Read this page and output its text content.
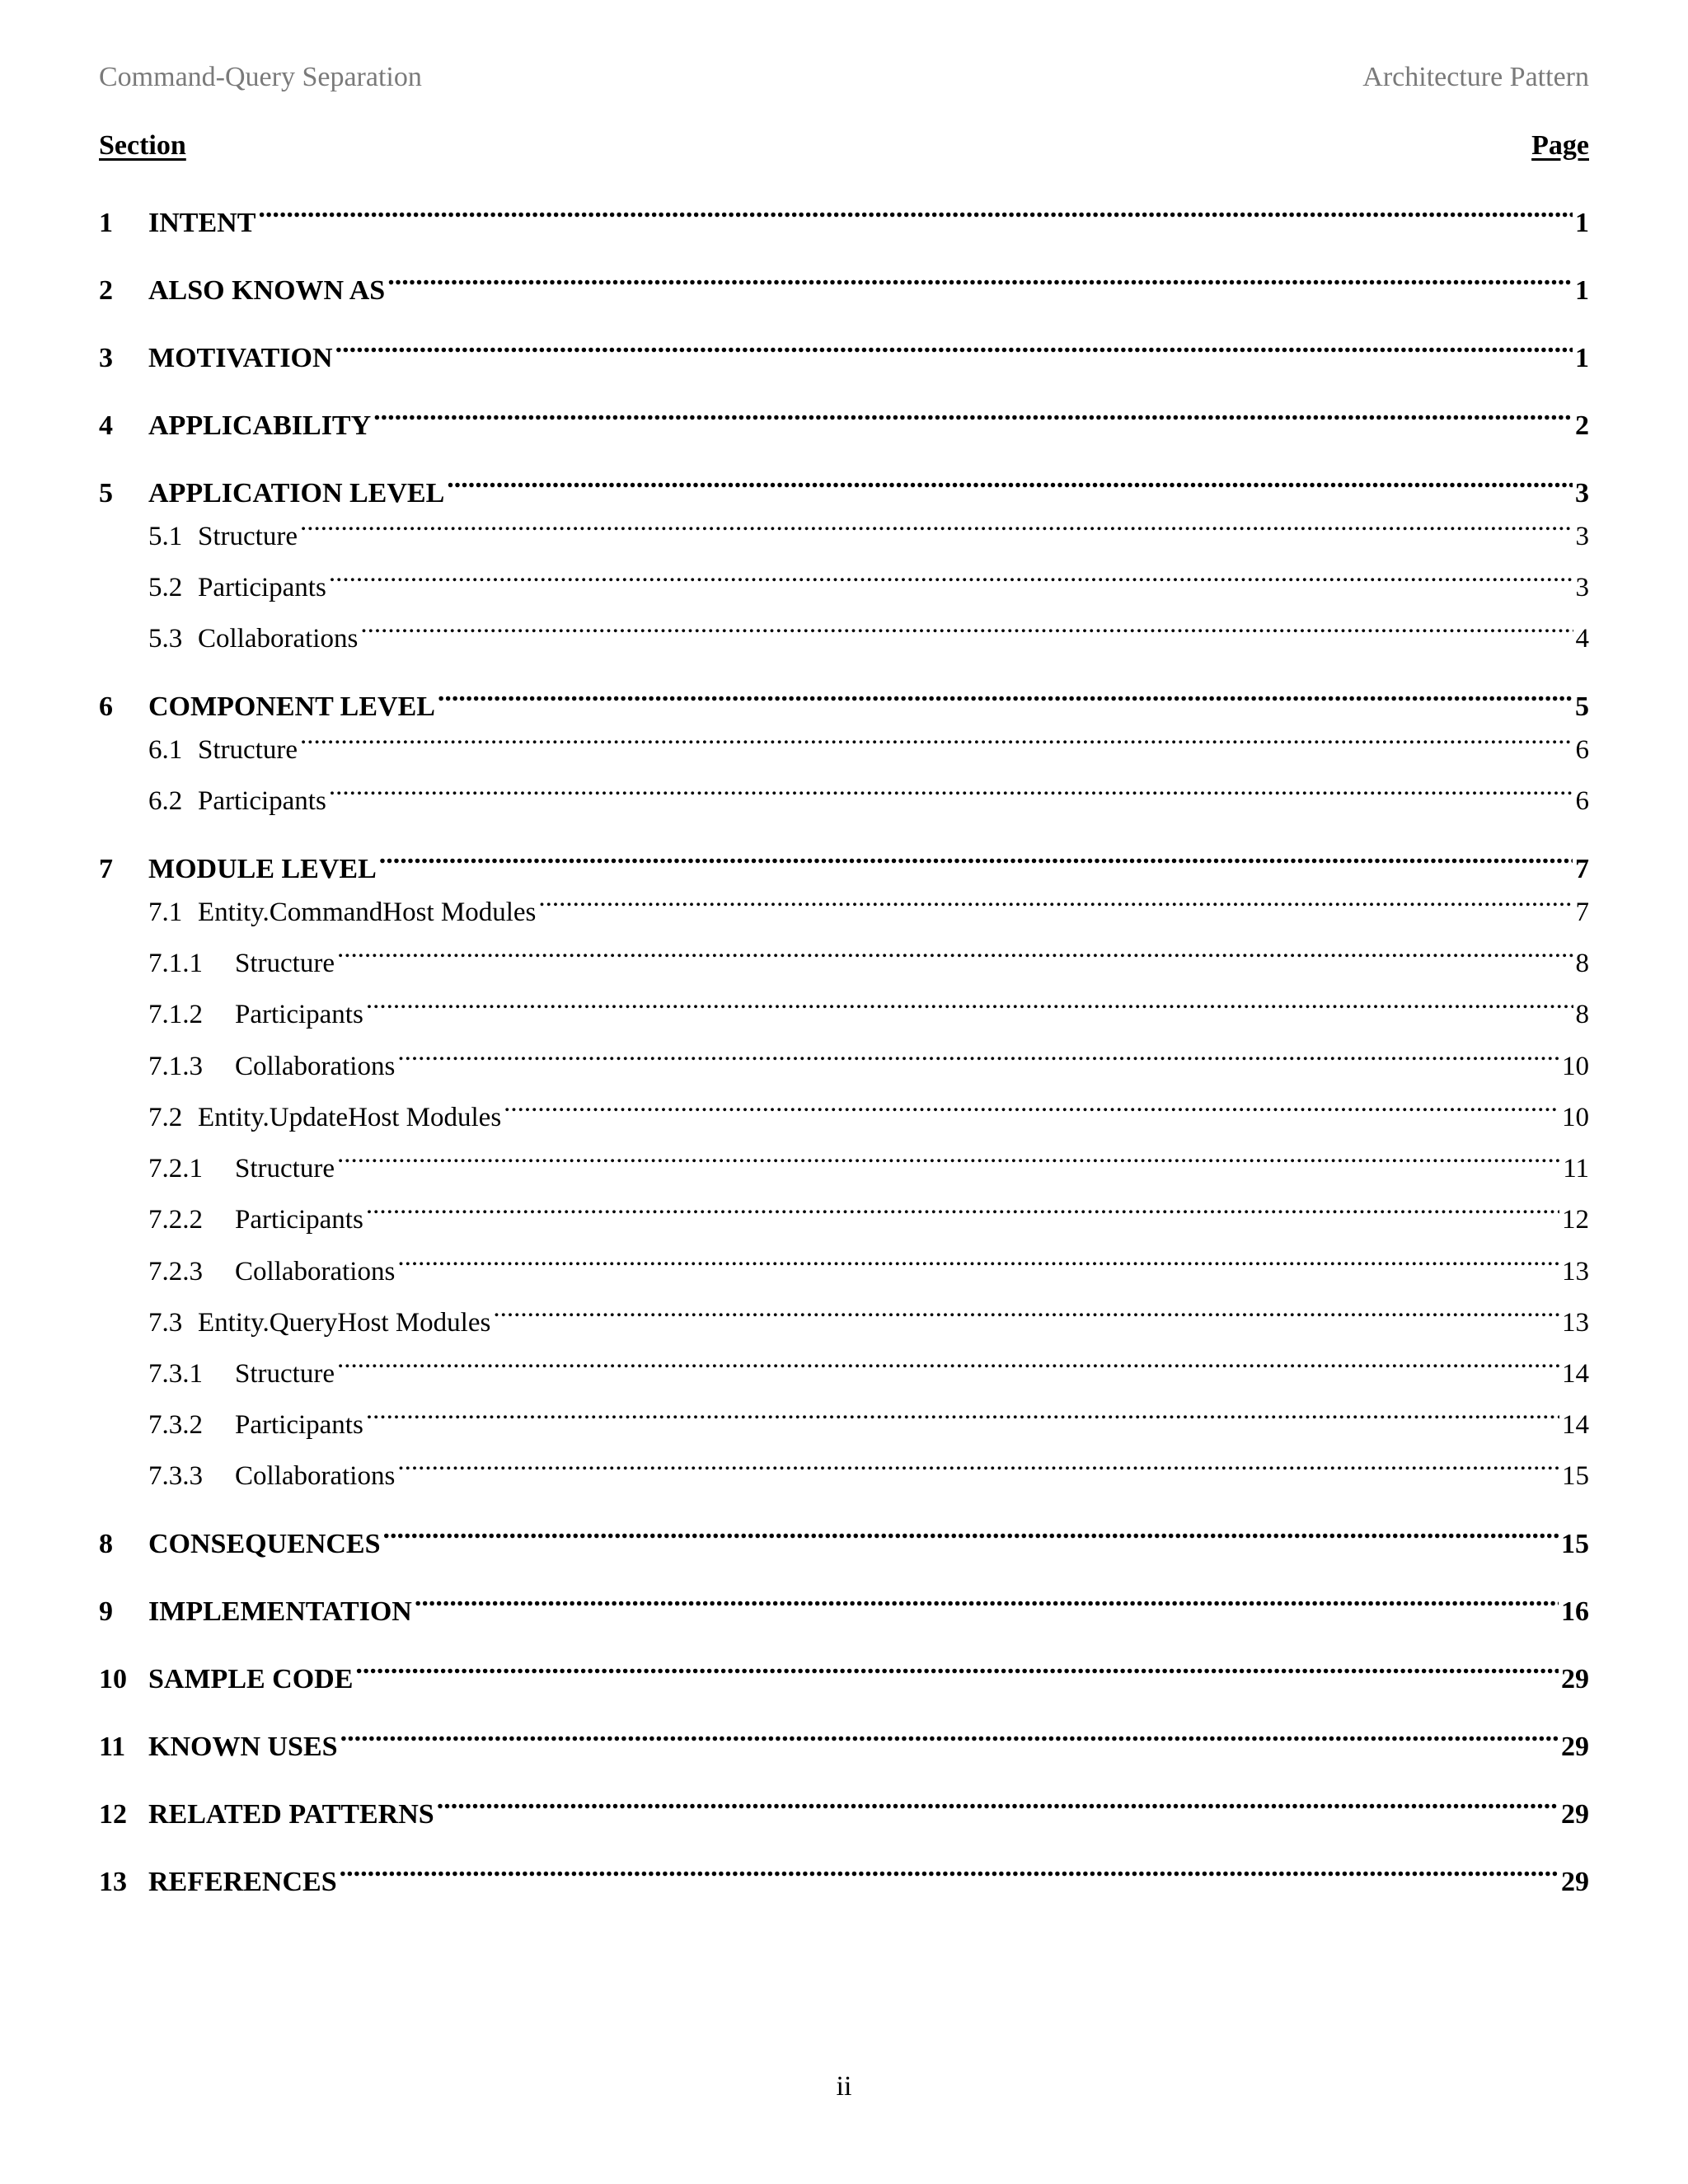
Command-Query Separation	Architecture Pattern
Section	Page
1	INTENT .....	1
2	ALSO KNOWN AS .....	1
3	MOTIVATION .....	1
4	APPLICABILITY .....	2
5	APPLICATION LEVEL .....	3
5.1 Structure .....	3
5.2 Participants .....	3
5.3 Collaborations .....	4
6	COMPONENT LEVEL .....	5
6.1 Structure .....	6
6.2 Participants .....	6
7	MODULE LEVEL .....	7
7.1 Entity.CommandHost Modules .....	7
7.1.1	Structure .....	8
7.1.2	Participants .....	8
7.1.3	Collaborations .....	10
7.2 Entity.UpdateHost Modules .....	10
7.2.1	Structure .....	11
7.2.2	Participants .....	12
7.2.3	Collaborations .....	13
7.3 Entity.QueryHost Modules .....	13
7.3.1	Structure .....	14
7.3.2	Participants .....	14
7.3.3	Collaborations .....	15
8	CONSEQUENCES .....	15
9	IMPLEMENTATION .....	16
10 SAMPLE CODE .....	29
11 KNOWN USES .....	29
12 RELATED PATTERNS .....	29
13 REFERENCES .....	29
ii
